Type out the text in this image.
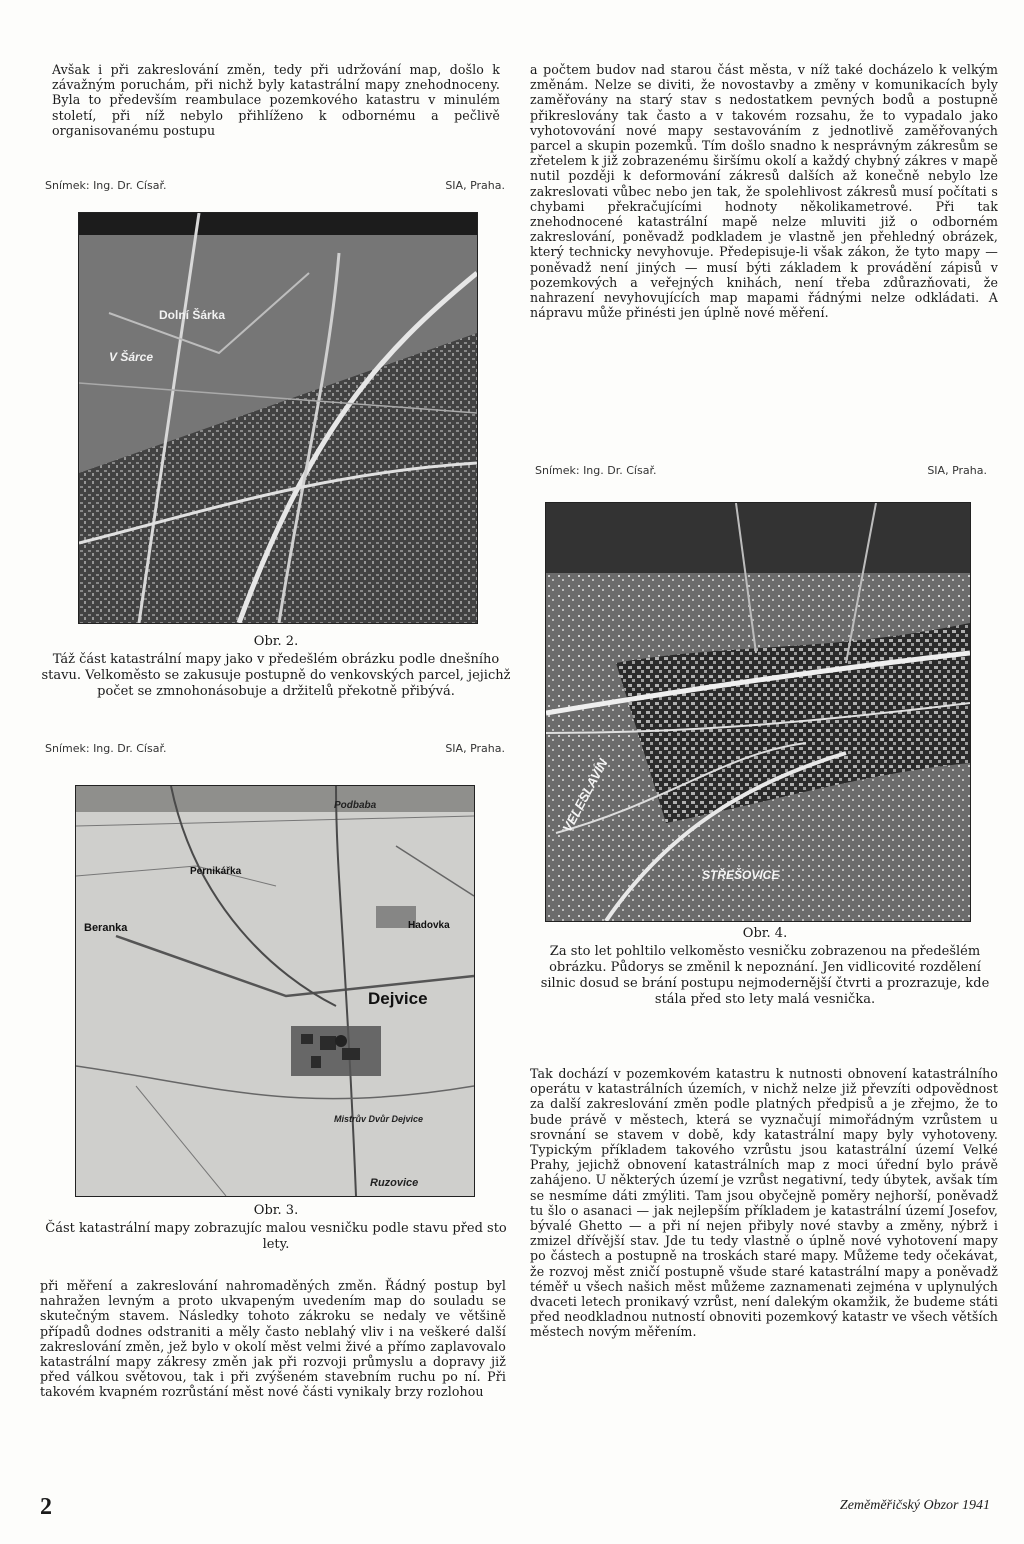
Avšak i při zakreslování změn, tedy při udržování map, došlo k závažným poruchám, při nichž byly katastrální mapy znehodnoceny. Byla to především reambulace pozemkového katastru v minulém století, při níž nebylo přihlíženo k odbornému a pečlivě organisovanému postupu

Snímek: Ing. Dr. Císař.	SIA, Praha.
Dolní Šárka
V Šárce
Obr. 2.
Táž část katastrální mapy jako v předešlém obrázku podle dnešního stavu. Velkoměsto se zakusuje postupně do venkovských parcel, jejichž počet se zmnohonásobuje a držitelů překotně přibývá.
Snímek: Ing. Dr. Císař.	SIA, Praha.
Podbaba
Pernikářka
Beranka	Hadovka
Dejvice
Mistrův Dvůr Dejvice
Ruzovice
Obr. 3.
Část katastrální mapy zobrazujíc malou vesničku podle stavu před sto lety.

při měření a zakreslování nahromaděných změn. Řádný postup byl nahražen levným a proto ukvapeným uvedením map do souladu se skutečným stavem. Následky tohoto zákroku se nedaly ve většině případů dodnes odstraniti a měly často neblahý vliv i na veškeré další zakreslování změn, jež bylo v okolí měst velmi živé a přímo zaplavovalo katastrální mapy zákresy změn jak při rozvoji průmyslu a dopravy již před válkou světovou, tak i při zvýšeném stavebním ruchu po ní. Při takovém kvapném rozrůstání měst nové části vynikaly brzy rozlohou

a počtem budov nad starou část města, v níž také docházelo k velkým změnám. Nelze se diviti, že novostavby a změny v komunikacích byly zaměřovány na starý stav s nedostatkem pevných bodů a postupně přikreslovány tak často a v takovém rozsahu, že to vypadalo jako vyhotovování nové mapy sestavováním z jednotlivě zaměřovaných parcel a skupin pozemků. Tím došlo snadno k nesprávným zákresům se zřetelem k již zobrazenému širšímu okolí a každý chybný zákres v mapě nutil později k deformování zákresů dalších až konečně nebylo lze zakreslovati vůbec nebo jen tak, že spolehlivost zákresů musí počítati s chybami překračujícími hodnoty několikametrové. Při tak znehodnocené katastrální mapě nelze mluviti již o odborném zakreslování, poněvadž podkladem je vlastně jen přehledný obrázek, který technicky nevyhovuje. Předepisuje-li však zákon, že tyto mapy — poněvadž není jiných — musí býti základem k provádění zápisů v pozemkových a veřejných knihách, není třeba zdůrazňovati, že nahrazení nevyhovujících map mapami řádnými nelze odkládati. A nápravu může přinésti jen úplně nové měření.

Snímek: Ing. Dr. Císař.	SIA, Praha.
VELESLAVÍN
STŘEŠOVICE
Obr. 4.
Za sto let pohltilo velkoměsto vesničku zobrazenou na předešlém obrázku. Půdorys se změnil k nepoznání. Jen vidlicovité rozdělení silnic dosud se brání postupu nejmodernější čtvrti a prozrazuje, kde stála před sto lety malá vesnička.

Tak dochází v pozemkovém katastru k nutnosti obnovení katastrálního operátu v katastrálních územích, v nichž nelze již převzíti odpovědnost za další zakreslování změn podle platných předpisů a je zřejmo, že to bude právě v městech, která se vyznačují mimořádným vzrůstem u srovnání se stavem v době, kdy katastrální mapy byly vyhotoveny. Typickým příkladem takového vzrůstu jsou katastrální území Velké Prahy, jejichž obnovení katastrálních map z moci úřední bylo právě zahájeno. U některých území je vzrůst negativní, tedy úbytek, avšak tím se nesmíme dáti zmýliti. Tam jsou obyčejně poměry nejhorší, poněvadž tu šlo o asanaci — jak nejlepším příkladem je katastrální území Josefov, bývalé Ghetto — a při ní nejen přibyly nové stavby a změny, nýbrž i zmizel dřívější stav. Jde tu tedy vlastně o úplně nové vyhotovení mapy po částech a postupně na troskách staré mapy. Můžeme tedy očekávat, že rozvoj měst zničí postupně všude staré katastrální mapy a poněvadž téměř u všech našich měst můžeme zaznamenati zejména v uplynulých dvaceti letech pronikavý vzrůst, není dalekým okamžik, že budeme státi před neodkladnou nutností obnoviti pozemkový katastr ve všech větších městech novým měřením.

2	Zeměměřičský Obzor 1941
